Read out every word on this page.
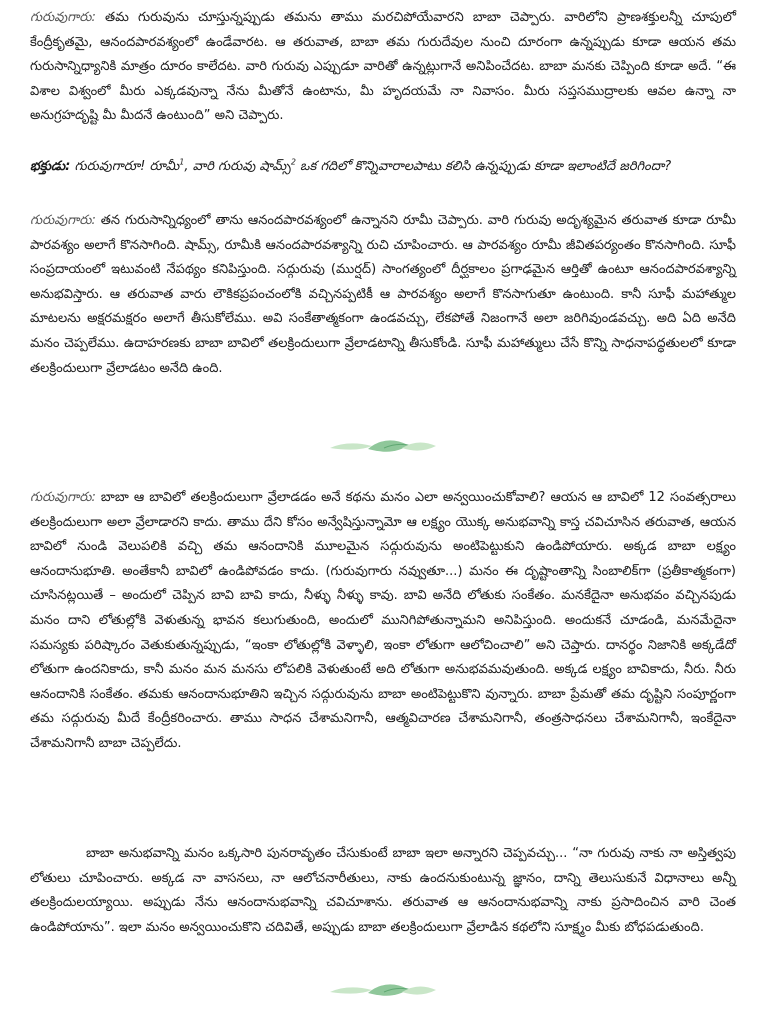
గురువుగారు: తమ గురువును చూస్తున్నప్పుడు తమను తాము మరచిపోయేవారని బాబా చెప్పారు. వారిలోని ప్రాణశక్తులన్నీ చూపులో కేంద్రీకృతమై, ఆనందపారవశ్యంలో ఉండేవారట. ఆ తరువాత, బాబా తమ గురుదేవుల నుంచి దూరంగా ఉన్నప్పుడు కూడా ఆయన తమ గురుసాన్నిధ్యానికి మాత్రం దూరం కాలేదట. వారి గురువు ఎప్పుడూ వారితో ఉన్నట్లుగానే అనిపించేదట. బాబా మనకు చెప్పింది కూడా అదే. “ఈ విశాల విశ్వంలో మీరు ఎక్కడవున్నా నేను మీతోనే ఉంటాను, మీ హృదయమే నా నివాసం. మీరు సప్తసముద్రాలకు ఆవల ఉన్నా నా అనుగ్రహదృష్టి మీ మీదనే ఉంటుంది” అని చెప్పారు.

భక్తుడు: గురువుగారూ! రూమీ$^1$, వారి గురువు షామ్స్$^2$ ఒక గదిలో కొన్నివారాలపాటు కలిసి ఉన్నప్పుడు కూడా ఇలాంటిదే జరిగిందా?

గురువుగారు: తన గురుసాన్నిధ్యంలో తాను ఆనందపారవశ్యంలో ఉన్నానని రూమీ చెప్పారు. వారి గురువు అదృశ్యమైన తరువాత కూడా రూమీ పారవశ్యం అలాగే కొనసాగింది. షామ్స్, రూమీకి ఆనందపారవశ్యాన్ని రుచి చూపించారు. ఆ పారవశ్యం రూమీ జీవితపర్యంతం కొనసాగింది. సూఫీ సంప్రదాయంలో ఇటువంటి నేపథ్యం కనిపిస్తుంది. సద్గురువు (ముర్షద్) సాంగత్యంలో దీర్ఘకాలం ప్రగాఢమైన ఆర్తితో ఉంటూ ఆనందపారవశ్యాన్ని అనుభవిస్తారు. ఆ తరువాత వారు లౌకికప్రపంచంలోకి వచ్చినప్పటికీ ఆ పారవశ్యం అలాగే కొనసాగుతూ ఉంటుంది. కానీ సూఫీ మహాత్ముల మాటలను అక్షరమక్షరం అలాగే తీసుకోలేము. అవి సంకేతాత్మకంగా ఉండవచ్చు, లేకపోతే నిజంగానే అలా జరిగివుండవచ్చు. అది ఏది అనేది మనం చెప్పలేము. ఉదాహరణకు బాబా బావిలో తలక్రిందులుగా వ్రేలాడటాన్ని తీసుకోండి. సూఫీ మహాత్ములు చేసే కొన్ని సాధనాపద్ధతులలో కూడా తలక్రిందులుగా వ్రేలాడటం అనేది ఉంది.

గురువుగారు: బాబా ఆ బావిలో తలక్రిందులుగా వ్రేలాడడం అనే కథను మనం ఎలా అన్వయించుకోవాలి? ఆయన ఆ బావిలో 12 సంవత్సరాలు తలక్రిందులుగా అలా వ్రేలాడారని కాదు. తాము దేని కోసం అన్వేషిస్తున్నామో ఆ లక్ష్యం యొక్క అనుభవాన్ని కాస్త చవిచూసిన తరువాత, ఆయన బావిలో నుండి వెలుపలికి వచ్చి తమ ఆనందానికి మూలమైన సద్గురువును అంటిపెట్టుకుని ఉండిపోయారు. అక్కడ బాబా లక్ష్యం ఆనందానుభూతి. అంతేకానీ బావిలో ఉండిపోవడం కాదు. (గురువుగారు నవ్వుతూ...) మనం ఈ దృష్టాంతాన్ని సింబాలిక్‌గా (ప్రతీకాత్మకంగా) చూసినట్లయితే – అందులో చెప్పిన బావి బావి కాదు, నీళ్ళు నీళ్ళు కావు. బావి అనేది లోతుకు సంకేతం. మనకేదైనా అనుభవం వచ్చినపుడు మనం దాని లోతుల్లోకి వెళుతున్న భావన కలుగుతుంది, అందులో మునిగిపోతున్నామని అనిపిస్తుంది. అందుకనే చూడండి, మనమేదైనా సమస్యకు పరిష్కారం వెతుకుతున్నప్పుడు, “ఇంకా లోతుల్లోకి వెళ్ళాలి, ఇంకా లోతుగా ఆలోచించాలి” అని చెప్తారు. దానర్థం నిజానికి అక్కడేదో లోతుగా ఉందనికాదు, కానీ మనం మన మనసు లోపలికి వెళుతుంటే అది లోతుగా అనుభవమవుతుంది. అక్కడ లక్ష్యం బావికాదు, నీరు. నీరు ఆనందానికి సంకేతం. తమకు ఆనందానుభూతిని ఇచ్చిన సద్గురువును బాబా అంటిపెట్టుకొని వున్నారు. బాబా ప్రేమతో తమ దృష్టిని సంపూర్ణంగా తమ సద్గురువు మీదే కేంద్రీకరించారు. తాము సాధన చేశామనిగానీ, ఆత్మవిచారణ చేశామనిగానీ, తంత్రసాధనలు చేశామనిగానీ, ఇంకేదైనా చేశామనిగానీ బాబా చెప్పలేదు.

బాబా అనుభవాన్ని మనం ఒక్కసారి పునరావృతం చేసుకుంటే బాబా ఇలా అన్నారని చెప్పవచ్చు... “నా గురువు నాకు నా అస్తిత్వపు లోతులు చూపించారు. అక్కడ నా వాసనలు, నా ఆలోచనారీతులు, నాకు ఉందనుకుంటున్న జ్ఞానం, దాన్ని తెలుసుకునే విధానాలు అన్నీ తలక్రిందులయ్యాయి. అప్పుడు నేను ఆనందానుభవాన్ని చవిచూశాను. తరువాత ఆ ఆనందానుభవాన్ని నాకు ప్రసాదించిన వారి చెంత ఉండిపోయాను”. ఇలా మనం అన్వయించుకొని చదివితే, అప్పుడు బాబా తలక్రిందులుగా వ్రేలాడిన కథలోని సూక్ష్మం మీకు బోధపడుతుంది.
